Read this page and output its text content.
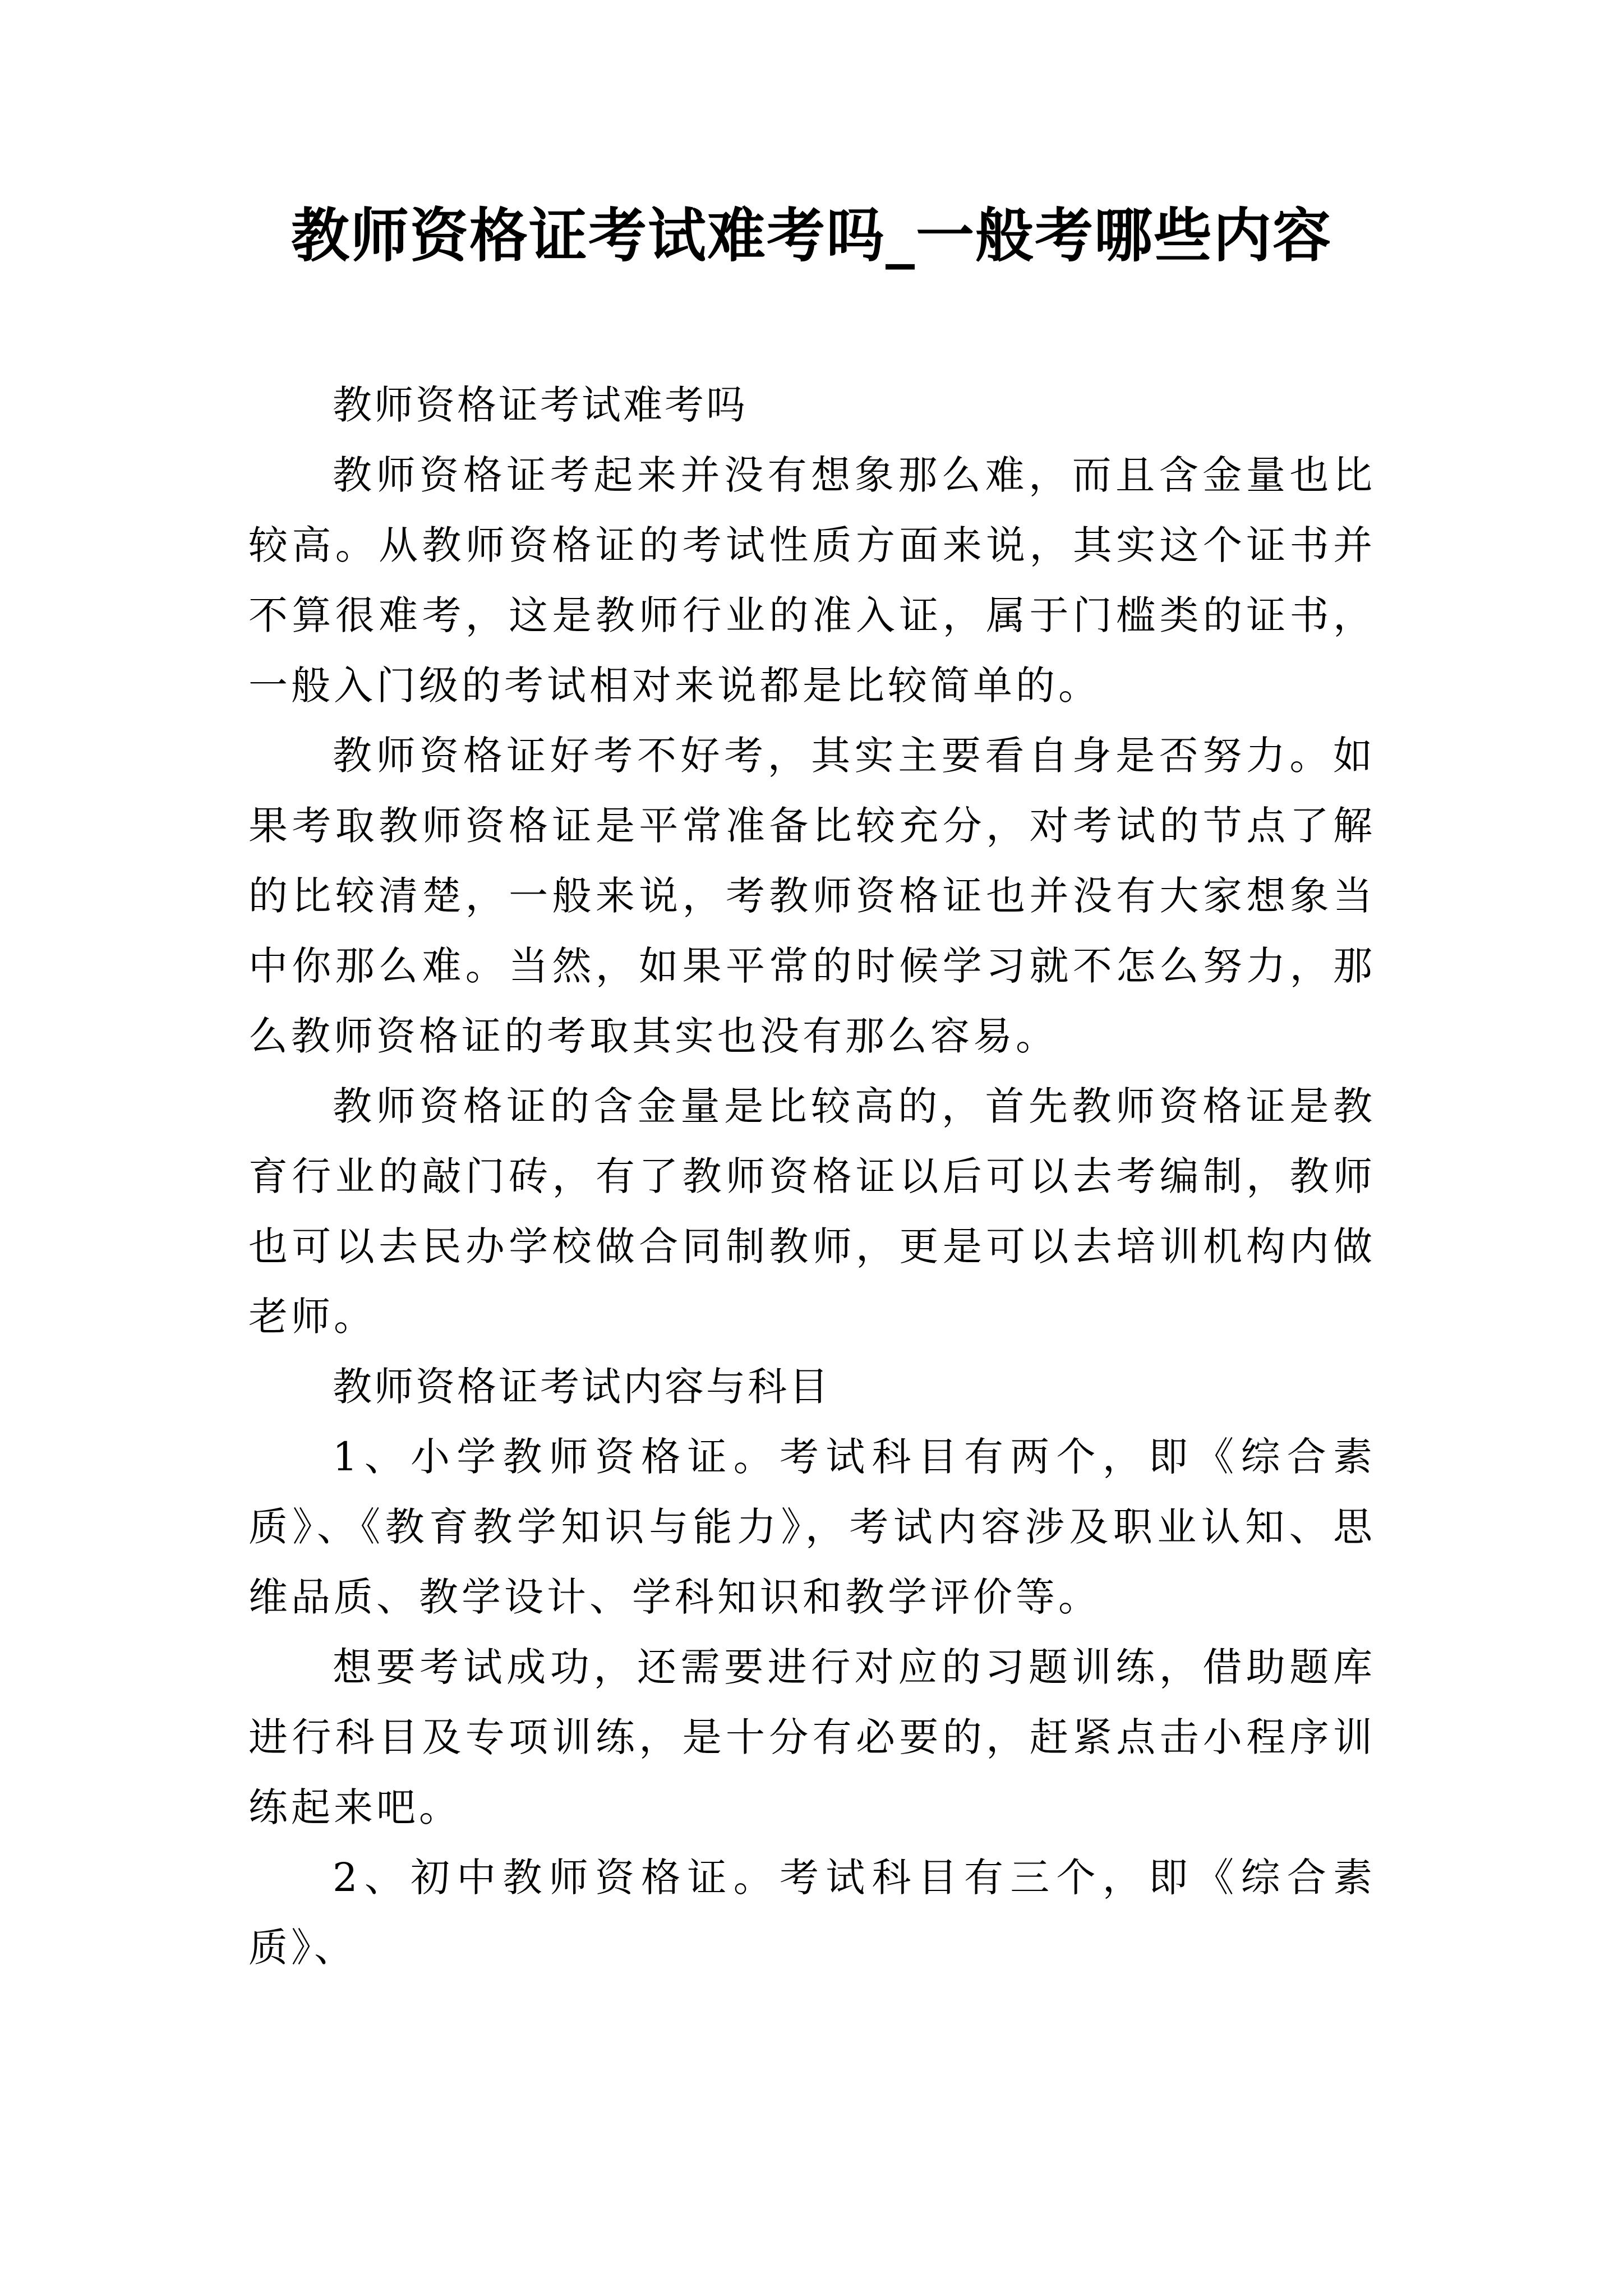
教师资格证考试难考吗_一般考哪些内容

教师资格证考试难考吗

教师资格证考起来并没有想象那么难，而且含金量也比较高。从教师资格证的考试性质方面来说，其实这个证书并不算很难考，这是教师行业的准入证，属于门槛类的证书，一般入门级的考试相对来说都是比较简单的。

教师资格证好考不好考，其实主要看自身是否努力。如果考取教师资格证是平常准备比较充分，对考试的节点了解的比较清楚，一般来说，考教师资格证也并没有大家想象当中你那么难。当然，如果平常的时候学习就不怎么努力，那么教师资格证的考取其实也没有那么容易。

教师资格证的含金量是比较高的，首先教师资格证是教育行业的敲门砖，有了教师资格证以后可以去考编制，教师也可以去民办学校做合同制教师，更是可以去培训机构内做老师。

教师资格证考试内容与科目

1、小学教师资格证。考试科目有两个，即《综合素质》、《教育教学知识与能力》，考试内容涉及职业认知、思维品质、教学设计、学科知识和教学评价等。

想要考试成功，还需要进行对应的习题训练，借助题库进行科目及专项训练，是十分有必要的，赶紧点击小程序训练起来吧。

2、初中教师资格证。考试科目有三个，即《综合素质》、
